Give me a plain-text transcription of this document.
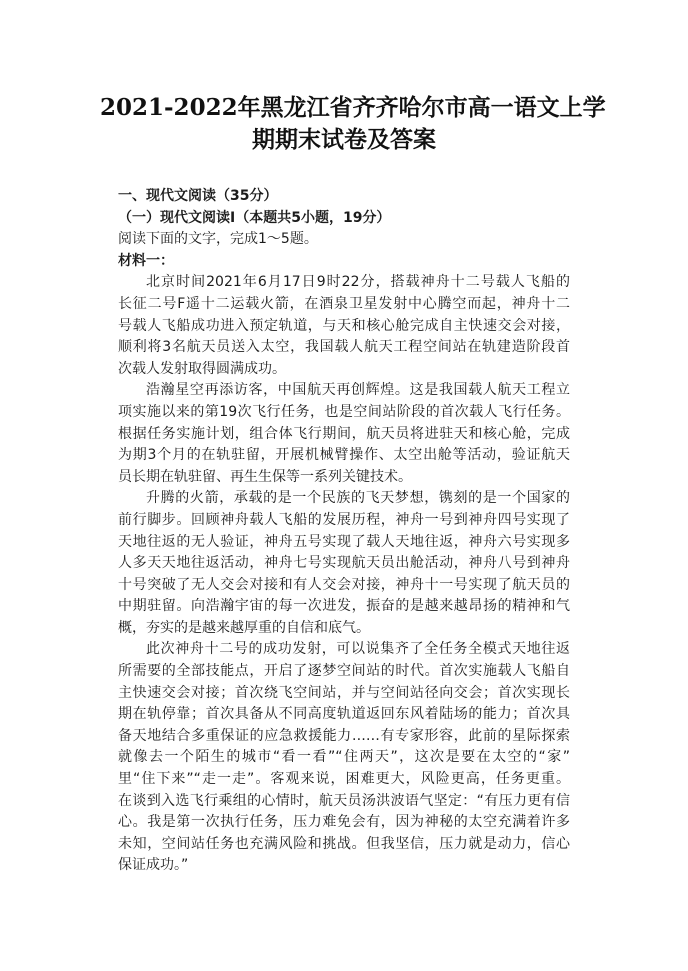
2021-2022年黑龙江省齐齐哈尔市高一语文上学
期期末试卷及答案
一、现代文阅读（35分）
（一）现代文阅读Ⅰ（本题共5小题，19分）
阅读下面的文字，完成1～5题。
材料一：
北京时间2021年6月17日9时22分，搭载神舟十二号载人飞船的
长征二号F遥十二运载火箭，在酒泉卫星发射中心腾空而起，神舟十二
号载人飞船成功进入预定轨道，与天和核心舱完成自主快速交会对接，
顺利将3名航天员送入太空，我国载人航天工程空间站在轨建造阶段首
次载人发射取得圆满成功。
浩瀚星空再添访客，中国航天再创辉煌。这是我国载人航天工程立
项实施以来的第19次飞行任务，也是空间站阶段的首次载人飞行任务。
根据任务实施计划，组合体飞行期间，航天员将进驻天和核心舱，完成
为期3个月的在轨驻留，开展机械臂操作、太空出舱等活动，验证航天
员长期在轨驻留、再生生保等一系列关键技术。
升腾的火箭，承载的是一个民族的飞天梦想，镌刻的是一个国家的
前行脚步。回顾神舟载人飞船的发展历程，神舟一号到神舟四号实现了
天地往返的无人验证，神舟五号实现了载人天地往返，神舟六号实现多
人多天天地往返活动，神舟七号实现航天员出舱活动，神舟八号到神舟
十号突破了无人交会对接和有人交会对接，神舟十一号实现了航天员的
中期驻留。向浩瀚宇宙的每一次进发，振奋的是越来越昂扬的精神和气
概，夯实的是越来越厚重的自信和底气。
此次神舟十二号的成功发射，可以说集齐了全任务全模式天地往返
所需要的全部技能点，开启了逐梦空间站的时代。首次实施载人飞船自
主快速交会对接；首次绕飞空间站，并与空间站径向交会；首次实现长
期在轨停靠；首次具备从不同高度轨道返回东风着陆场的能力；首次具
备天地结合多重保证的应急救援能力……有专家形容，此前的星际探索
就像去一个陌生的城市“看一看”“住两天”，这次是要在太空的“家”
里“住下来”“走一走”。客观来说，困难更大，风险更高，任务更重。
在谈到入选飞行乘组的心情时，航天员汤洪波语气坚定：“有压力更有信
心。我是第一次执行任务，压力难免会有，因为神秘的太空充满着许多
未知，空间站任务也充满风险和挑战。但我坚信，压力就是动力，信心
保证成功。”
